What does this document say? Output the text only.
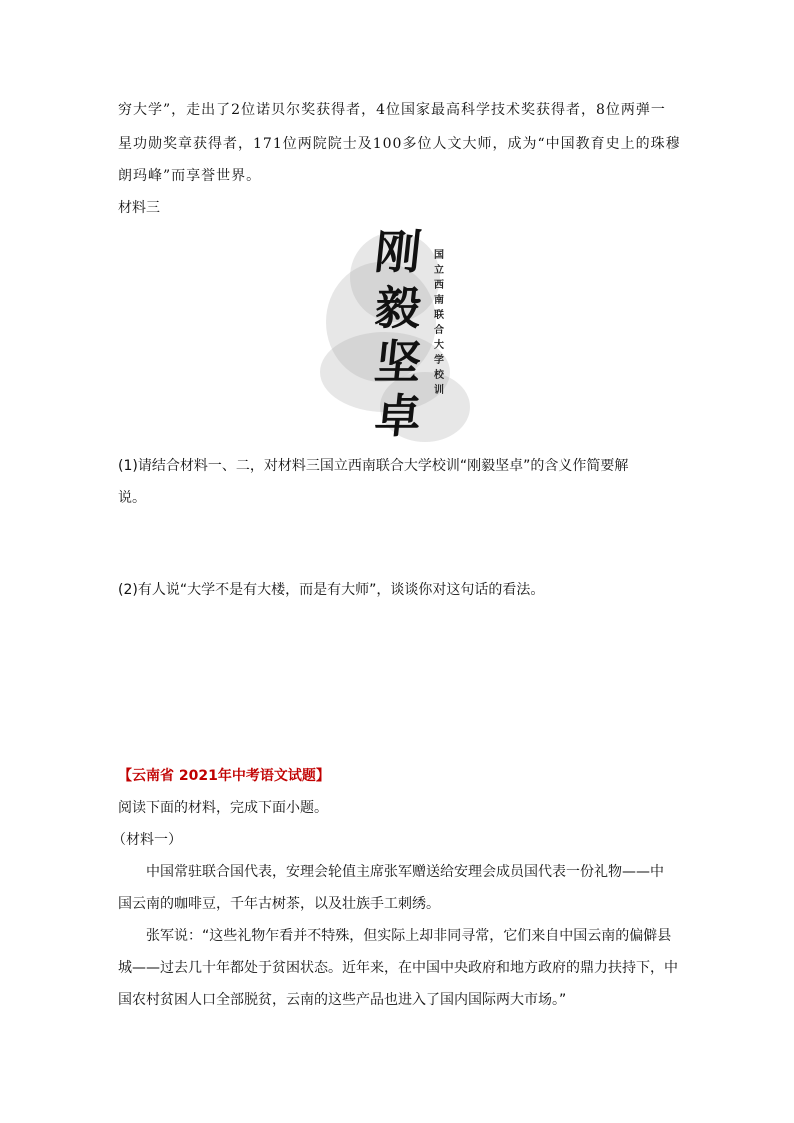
穷大学”，走出了2位诺贝尔奖获得者，4位国家最高科学技术奖获得者，8位两弹一
星功勋奖章获得者，171位两院院士及100多位人文大师，成为“中国教育史上的珠穆
朗玛峰”而享誉世界。
材料三
刚
毅
坚
卓
国立西南联合大学校训
(1)请结合材料一、二，对材料三国立西南联合大学校训“刚毅坚卓”的含义作简要解
说。
(2)有人说“大学不是有大楼，而是有大师”，谈谈你对这句话的看法。
【云南省 2021年中考语文试题】
阅读下面的材料，完成下面小题。
（材料一）
中国常驻联合国代表，安理会轮值主席张军赠送给安理会成员国代表一份礼物——中
国云南的咖啡豆，千年古树茶，以及壮族手工刺绣。
张军说：“这些礼物乍看并不特殊，但实际上却非同寻常，它们来自中国云南的偏僻县
城——过去几十年都处于贫困状态。近年来，在中国中央政府和地方政府的鼎力扶持下，中
国农村贫困人口全部脱贫，云南的这些产品也进入了国内国际两大市场。”
